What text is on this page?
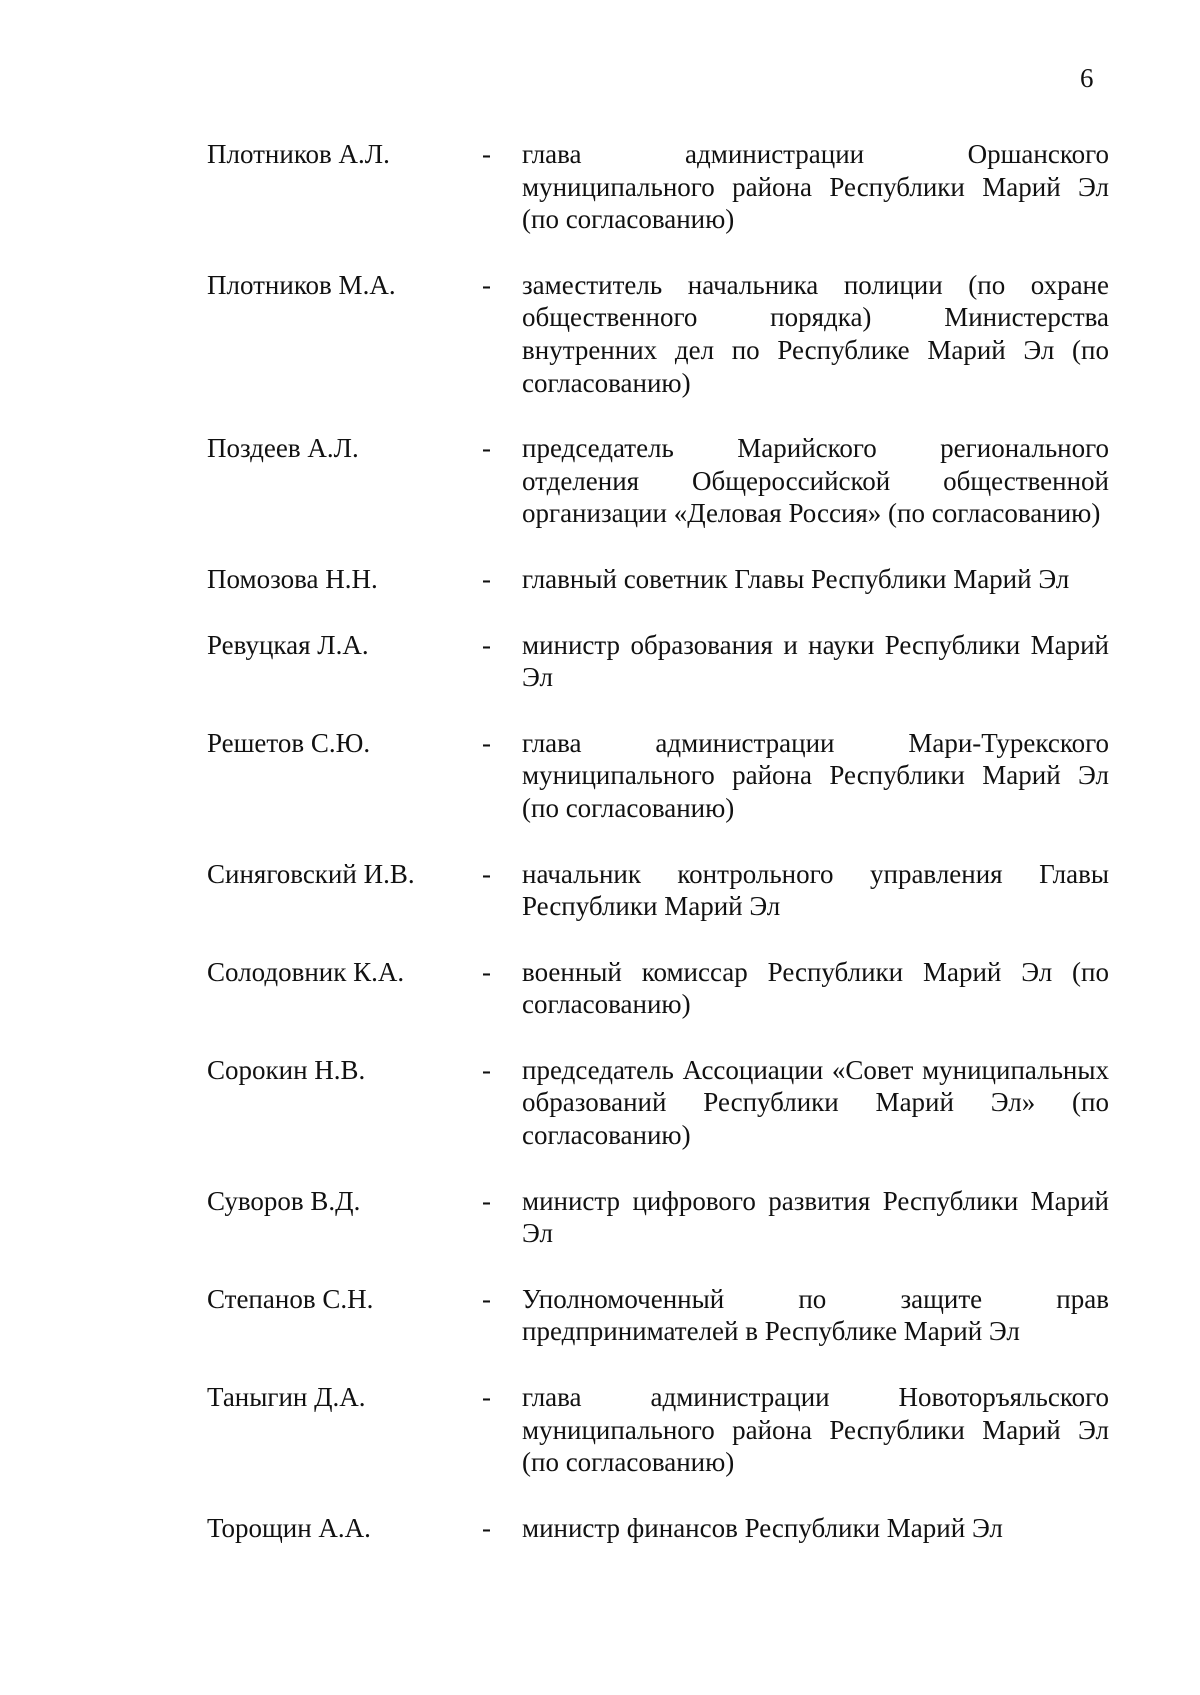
6
Плотников А.Л.	- глава администрации Оршанского муниципального района Республики Марий Эл (по согласованию)
Плотников М.А.	- заместитель начальника полиции (по охране общественного порядка) Министерства внутренних дел по Республике Марий Эл (по согласованию)
Поздеев А.Л.	- председатель Марийского регионального отделения Общероссийской общественной организации «Деловая Россия» (по согласованию)
Помозова Н.Н.	- главный советник Главы Республики Марий Эл
Ревуцкая Л.А.	- министр образования и науки Республики Марий Эл
Решетов С.Ю.	- глава администрации Мари-Турекского муниципального района Республики Марий Эл (по согласованию)
Синяговский И.В. - начальник контрольного управления Главы Республики Марий Эл
Солодовник К.А.	- военный комиссар Республики Марий Эл (по согласованию)
Сорокин Н.В.	- председатель Ассоциации «Совет муниципальных образований Республики Марий Эл» (по согласованию)
Суворов В.Д.	- министр цифрового развития Республики Марий Эл
Степанов С.Н.	- Уполномоченный по защите прав предпринимателей в Республике Марий Эл
Таныгин Д.А.	- глава администрации Новоторъяльского муниципального района Республики Марий Эл (по согласованию)
Торощин А.А.	- министр финансов Республики Марий Эл
